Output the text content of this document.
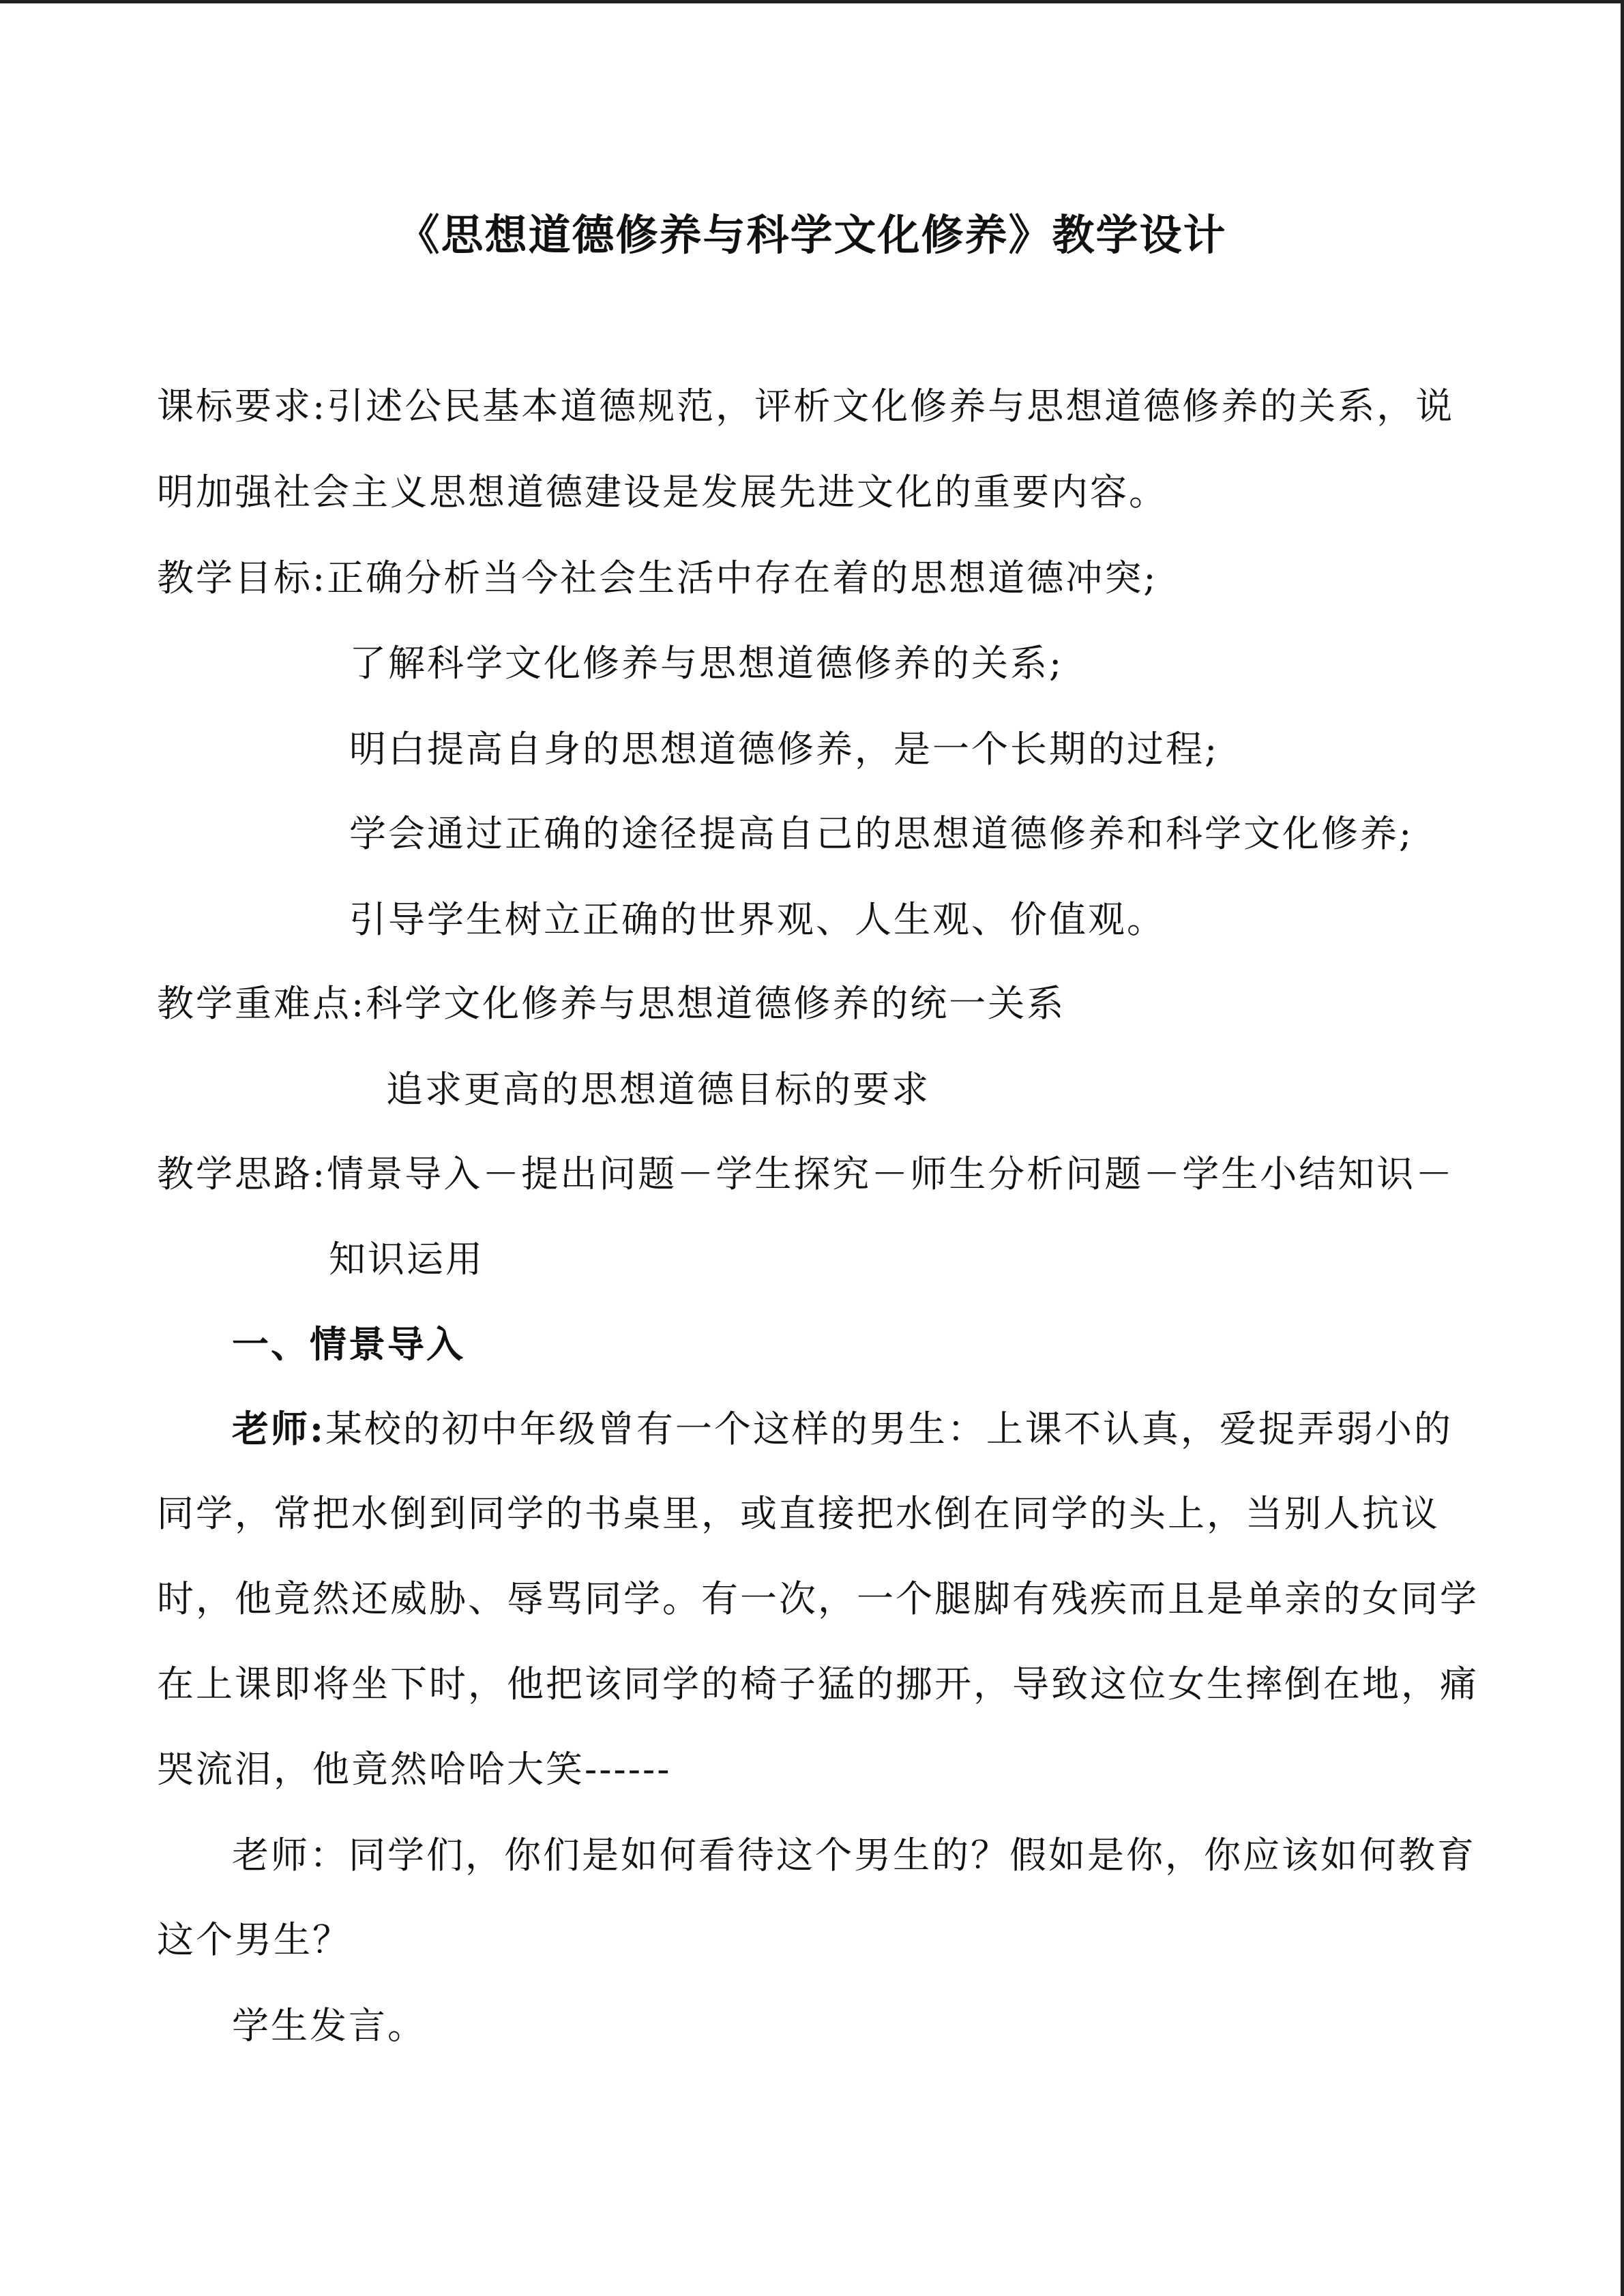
《思想道德修养与科学文化修养》教学设计
课标要求:引述公民基本道德规范，评析文化修养与思想道德修养的关系，说
明加强社会主义思想道德建设是发展先进文化的重要内容。
教学目标:正确分析当今社会生活中存在着的思想道德冲突;
了解科学文化修养与思想道德修养的关系;
明白提高自身的思想道德修养，是一个长期的过程;
学会通过正确的途径提高自己的思想道德修养和科学文化修养;
引导学生树立正确的世界观、人生观、价值观。
教学重难点:科学文化修养与思想道德修养的统一关系
追求更高的思想道德目标的要求
教学思路:情景导入－提出问题－学生探究－师生分析问题－学生小结知识－
知识运用
一、情景导入
老师:某校的初中年级曾有一个这样的男生：上课不认真，爱捉弄弱小的
同学，常把水倒到同学的书桌里，或直接把水倒在同学的头上，当别人抗议
时，他竟然还威胁、辱骂同学。有一次，一个腿脚有残疾而且是单亲的女同学
在上课即将坐下时，他把该同学的椅子猛的挪开，导致这位女生摔倒在地，痛
哭流泪，他竟然哈哈大笑------
老师：同学们，你们是如何看待这个男生的？假如是你，你应该如何教育
这个男生？
学生发言。
